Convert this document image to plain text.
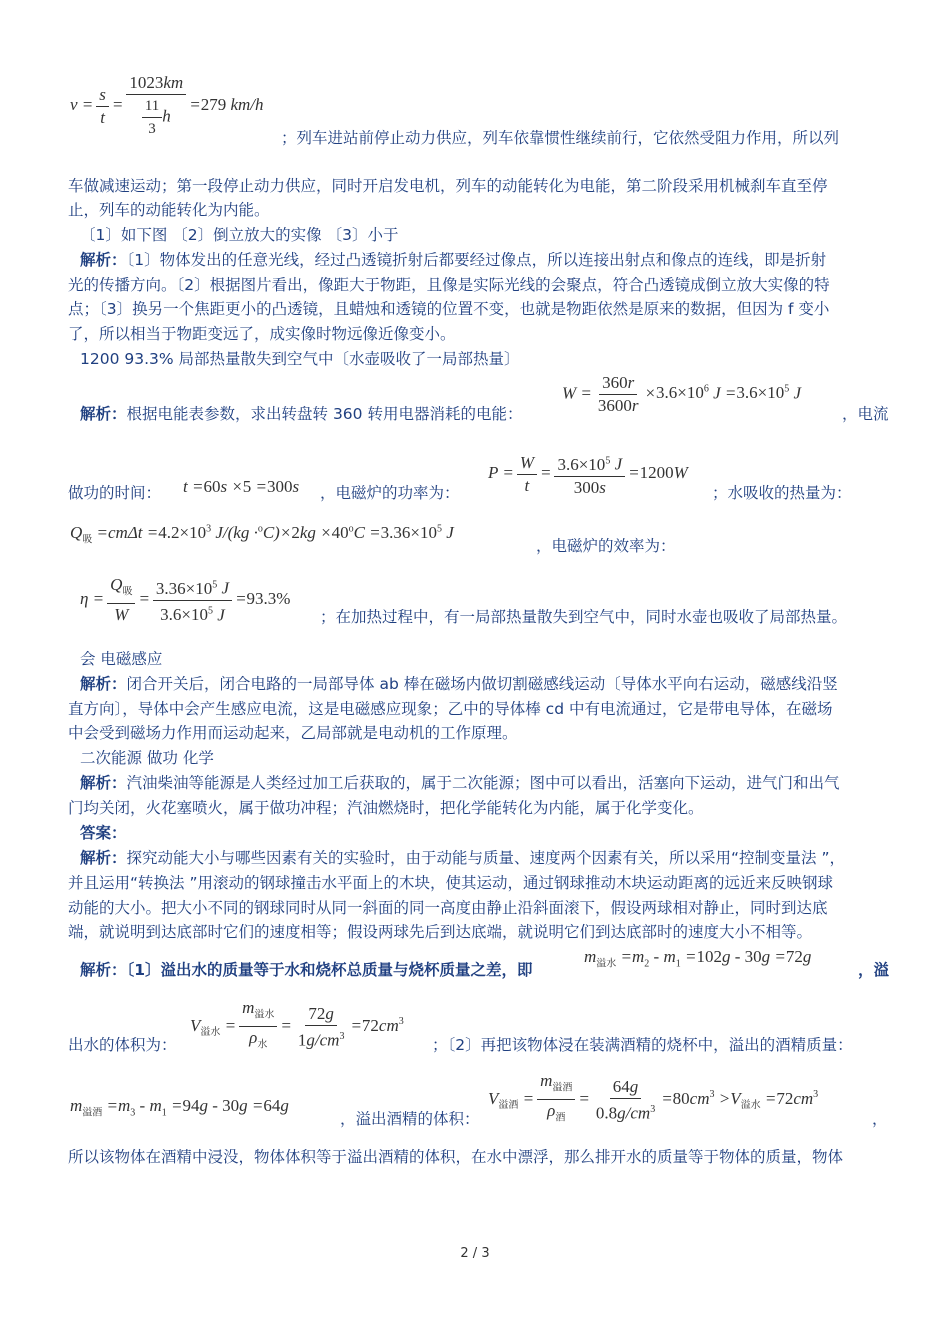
$v = \frac{s}{t} = \frac{1023km}{\frac{11}{3} h} =279$ km/h
；列车进站前停止动力供应，列车依靠惯性继续前行，它依然受阻力作用，所以列
车做减速运动；第一段停止动力供应，同时开启发电机，列车的动能转化为电能，第二阶段采用机械刹车直至停
止，列车的动能转化为内能。
〔1〕如下图 〔2〕倒立放大的实像 〔3〕小于
解析：〔1〕物体发出的任意光线，经过凸透镜折射后都要经过像点，所以连接出射点和像点的连线，即是折射
光的传播方向。〔2〕根据图片看出，像距大于物距，且像是实际光线的会聚点，符合凸透镜成倒立放大实像的特
点；〔3〕换另一个焦距更小的凸透镜，且蜡烛和透镜的位置不变，也就是物距依然是原来的数据，但因为 f 变小
了，所以相当于物距变远了，成实像时物远像近像变小。
1200 93.3% 局部热量散失到空气中〔水壶吸收了一局部热量〕
$W = \frac{360r}{3600r} \times 3.6\times 10^6$ $J =3.6\times 10^5$ J
解析：根据电能表参数，求出转盘转 360 转用电器消耗的电能：	，电流
做功的时间： t =60s ×5 =300s ，电磁炉的功率为：
$P = \frac{W}{t} = \frac{3.6\times 10^5 J}{300s} =1200W$
；水吸收的热量为：
$Q_吸 =cm\Delta t =4.2\times 10^3$ $J/(kg \cdot^oC)\times 2kg \times 40^oC =3.36\times 10^5$ J
，电磁炉的效率为：
$\eta = \frac{Q_吸}{W} = \frac{3.36\times 10^5 J}{3.6\times 10^5 J} =93.3\%$
；在加热过程中，有一局部热量散失到空气中，同时水壶也吸收了局部热量。
会 电磁感应
解析：闭合开关后，闭合电路的一局部导体 ab 棒在磁场内做切割磁感线运动〔导体水平向右运动，磁感线沿竖
直方向〕，导体中会产生感应电流，这是电磁感应现象；乙中的导体棒 cd 中有电流通过，它是带电导体，在磁场
中会受到磁场力作用而运动起来，乙局部就是电动机的工作原理。
二次能源 做功 化学
解析：汽油柴油等能源是人类经过加工后获取的，属于二次能源；图中可以看出，活塞向下运动，进气门和出气
门均关闭，火花塞喷火，属于做功冲程；汽油燃烧时，把化学能转化为内能，属于化学变化。
答案：
解析：探究动能大小与哪些因素有关的实验时，由于动能与质量、速度两个因素有关，所以采用“控制变量法 ”，
并且运用“转换法 ”用滚动的钢球撞击水平面上的木块，使其运动，通过钢球推动木块运动距离的远近来反映钢球
动能的大小。把大小不同的钢球同时从同一斜面的同一高度由静止沿斜面滚下，假设两球相对静止，同时到达底
端，就说明到达底部时它们的速度相等；假设两球先后到达底端，就说明它们到达底部时的速度大小不相等。
解析：〔1〕溢出水的质量等于水和烧杯总质量与烧杯质量之差，即
$m_{溢水} =m_2 - m_1 =102g - 30g =72g$
，溢
出水的体积为：
$V_{溢水} = \frac{m_{溢水}}{\rho_水} = \frac{72g}{1g/cm^3} =72cm^3$
；〔2〕再把该物体浸在装满酒精的烧杯中，溢出的酒精质量：
$m_{溢酒} =m_3 - m_1 =94g - 30g =64g$
，溢出酒精的体积：
$V_{溢酒} = \frac{m_{溢酒}}{\rho_酒} = \frac{64g}{0.8g/cm^3} =80cm^3 >V_{溢水} =72cm^3$
，
所以该物体在酒精中浸没，物体体积等于溢出酒精的体积，在水中漂浮，那么排开水的质量等于物体的质量，物体
2 / 3
